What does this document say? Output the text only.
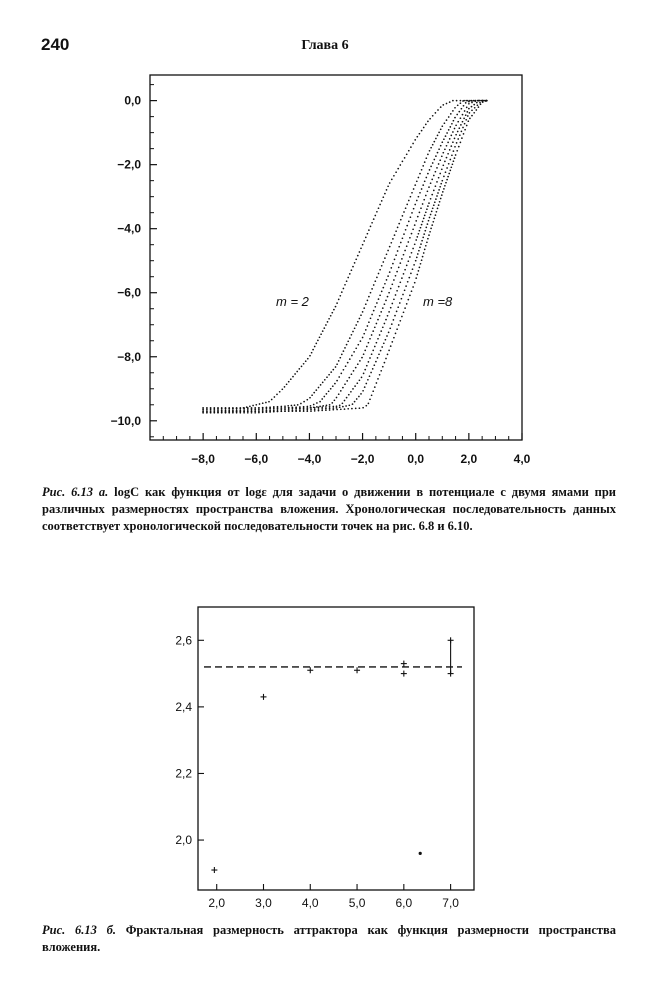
240	Глава 6
−8,0 −6,0 −4,0 −2,0	0,0	2,0	4,0
0,0
−2,0
−4,0
−6,0
−8,0
−10,0
m = 2	m =8
Рис. 6.13 а. logC как функция от logε для задачи о движении в потенциале с двумя ямами при различных размерностях пространства вложения. Хронологическая последовательность данных соответствует хронологической последовательности точек на рис. 6.8 и 6.10.
2,0	3,0	4,0	5,0	6,0	7,0
2,6
2,4
2,2
2,0
Рис. 6.13 б. Фрактальная размерность аттрактора как функция размерности пространства вложения.
